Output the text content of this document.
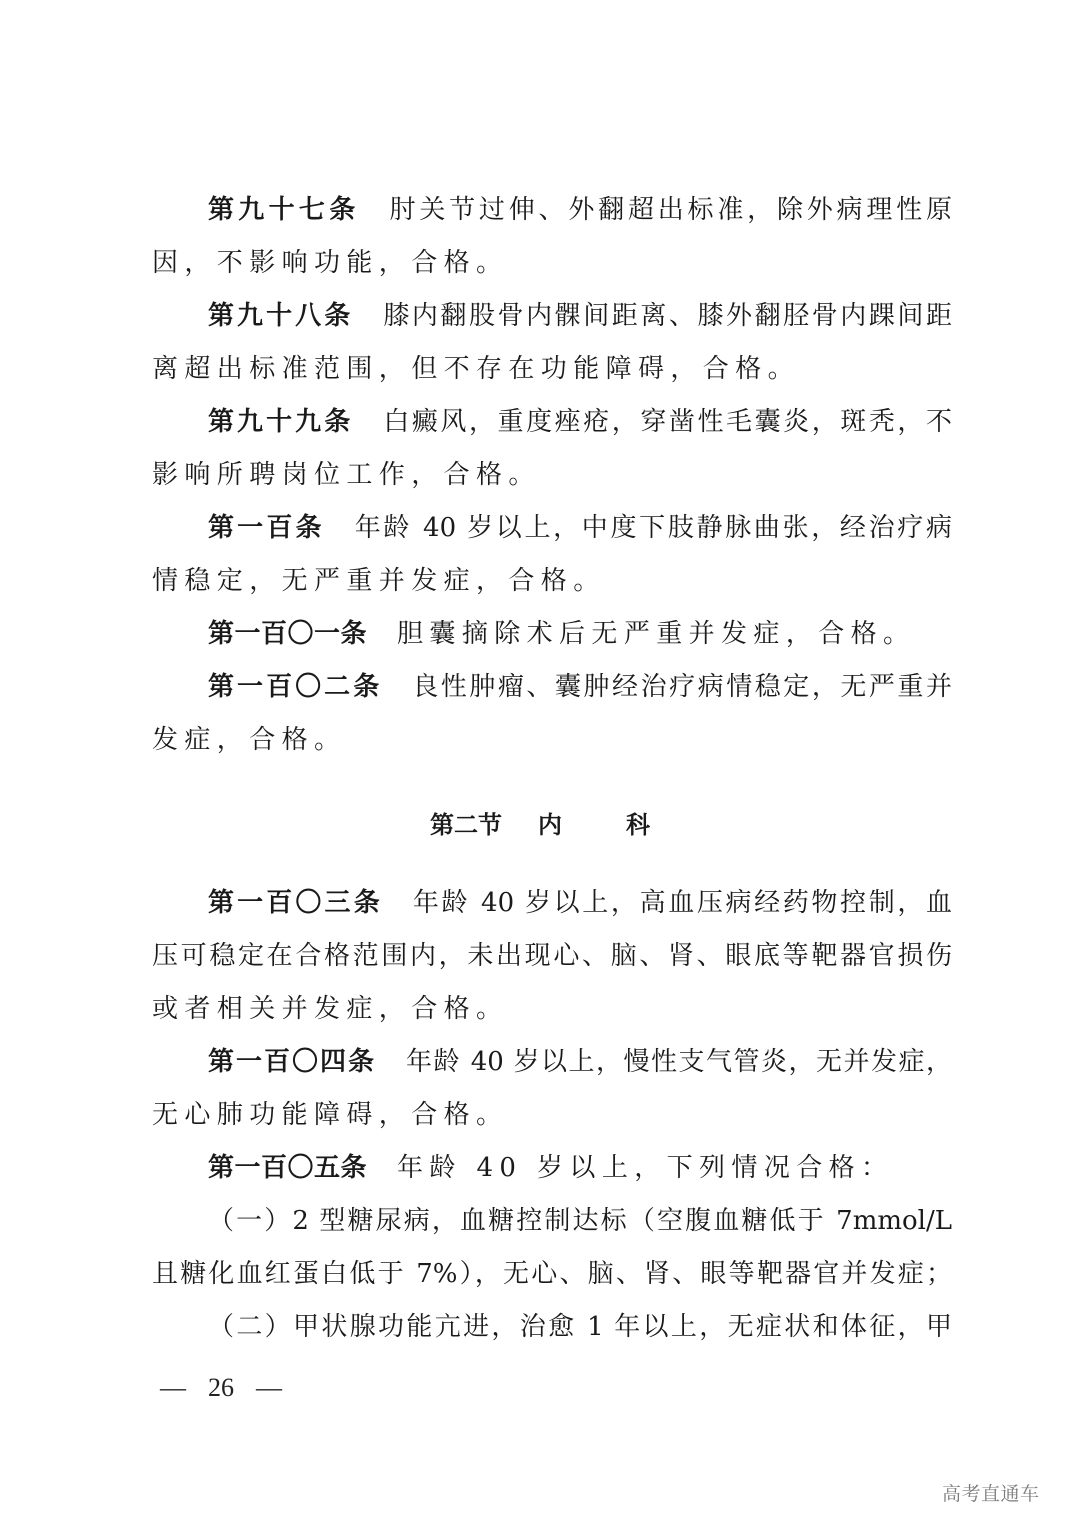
第九十七条 肘关节过伸、外翻超出标准，除外病理性原
因，不影响功能，合格。
第九十八条 膝内翻股骨内髁间距离、膝外翻胫骨内踝间距
离超出标准范围，但不存在功能障碍，合格。
第九十九条 白癜风，重度痤疮，穿凿性毛囊炎，斑秃，不
影响所聘岗位工作，合格。
第一百条 年龄 40 岁以上，中度下肢静脉曲张，经治疗病
情稳定，无严重并发症，合格。
第一百〇一条 胆囊摘除术后无严重并发症，合格。
第一百〇二条 良性肿瘤、囊肿经治疗病情稳定，无严重并
发症，合格。
第二节 内	科
第一百〇三条 年龄 40 岁以上，高血压病经药物控制，血
压可稳定在合格范围内，未出现心、脑、肾、眼底等靶器官损伤
或者相关并发症，合格。
第一百〇四条 年龄 40 岁以上，慢性支气管炎，无并发症，
无心肺功能障碍，合格。
第一百〇五条 年龄 40 岁以上，下列情况合格：
（一）2 型糖尿病，血糖控制达标（空腹血糖低于 7mmol/L
且糖化血红蛋白低于 7%），无心、脑、肾、眼等靶器官并发症；
（二）甲状腺功能亢进，治愈 1 年以上，无症状和体征，甲
— 26 —
高考直通车
